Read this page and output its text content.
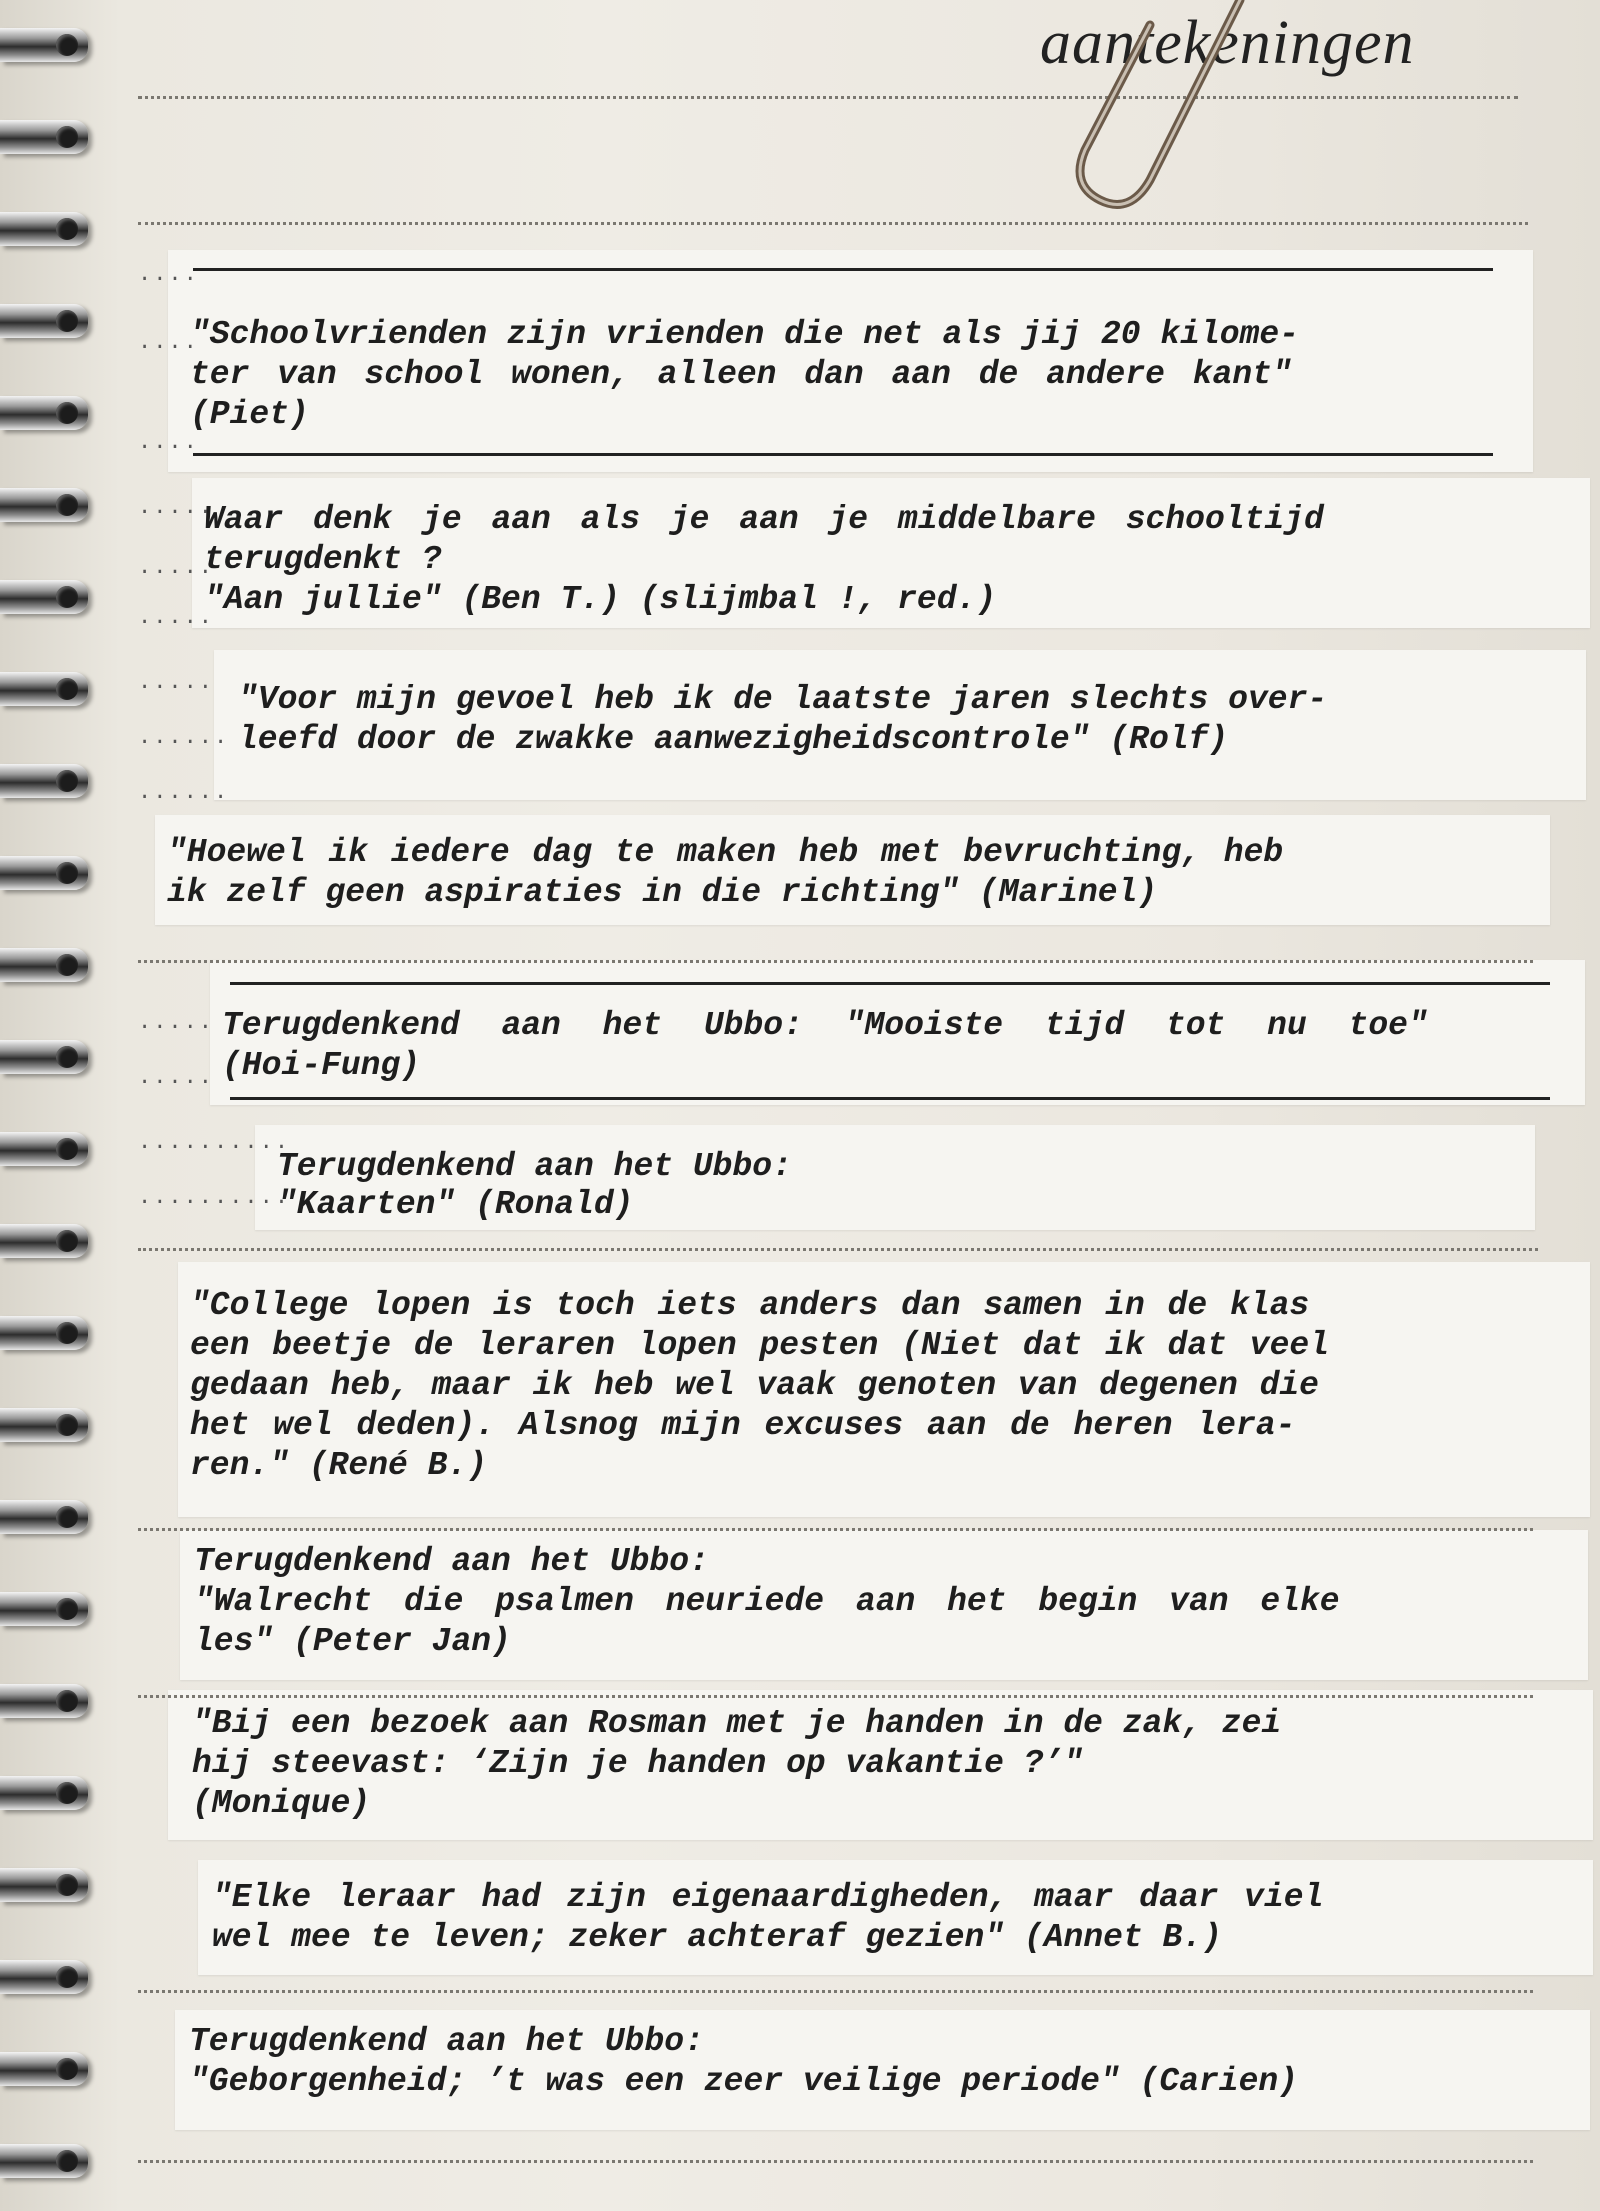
aantekeningen
"Schoolvrienden zijn vrienden die net als jij 20 kilome-
ter van school wonen, alleen dan aan de andere kant"
(Piet)
Waar denk je aan als je aan je middelbare schooltijd
terugdenkt ?
"Aan jullie" (Ben T.) (slijmbal !, red.)
"Voor mijn gevoel heb ik de laatste jaren slechts over-
leefd door de zwakke aanwezigheidscontrole" (Rolf)
"Hoewel ik iedere dag te maken heb met bevruchting, heb
ik zelf geen aspiraties in die richting" (Marinel)
Terugdenkend aan het Ubbo: "Mooiste tijd tot nu toe"
(Hoi-Fung)
Terugdenkend aan het Ubbo:
"Kaarten" (Ronald)
"College lopen is toch iets anders dan samen in de klas
een beetje de leraren lopen pesten (Niet dat ik dat veel
gedaan heb, maar ik heb wel vaak genoten van degenen die
het wel deden). Alsnog mijn excuses aan de heren lera-
ren." (René B.)
Terugdenkend aan het Ubbo:
"Walrecht die psalmen neuriede aan het begin van elke
les" (Peter Jan)
"Bij een bezoek aan Rosman met je handen in de zak, zei
hij steevast: ‘Zijn je handen op vakantie ?’"
(Monique)
"Elke leraar had zijn eigenaardigheden, maar daar viel
wel mee te leven; zeker achteraf gezien" (Annet B.)
Terugdenkend aan het Ubbo:
"Geborgenheid; ’t was een zeer veilige periode" (Carien)
....
....
....
.....
.....
.....
.....
......
......
.....
.....
..........
..........
